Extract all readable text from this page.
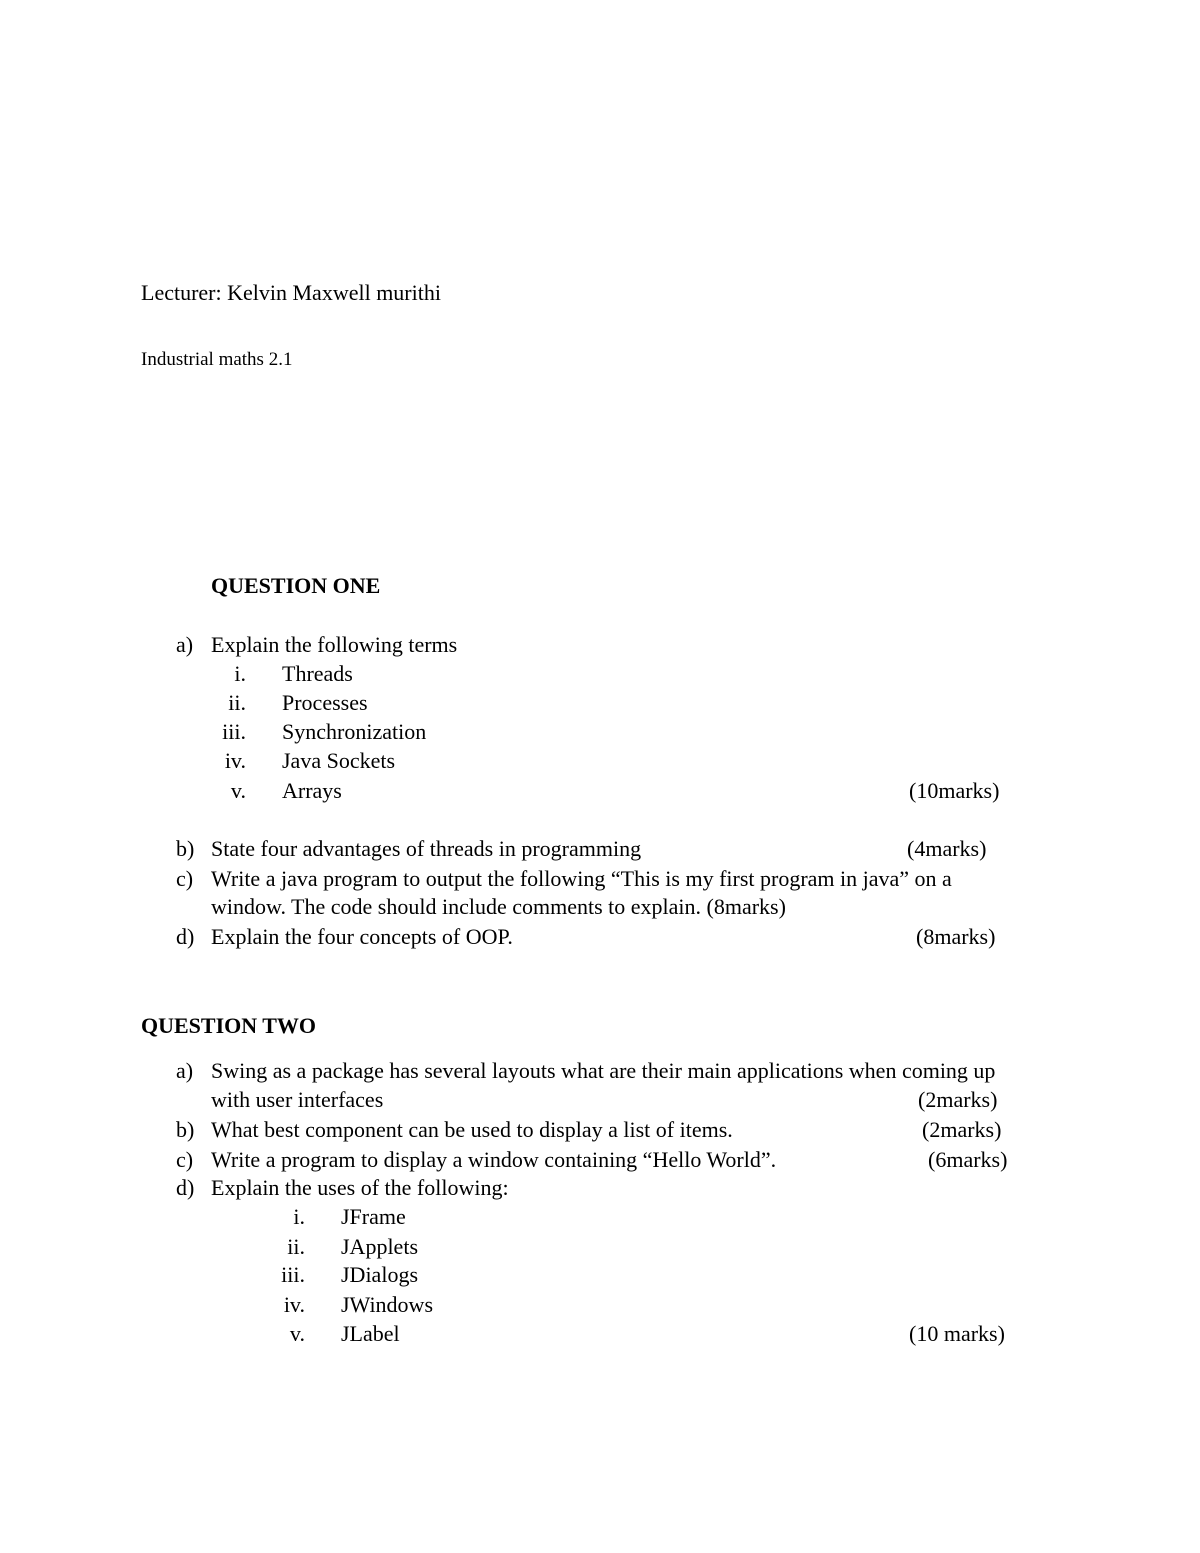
Lecturer: Kelvin Maxwell murithi
Industrial maths 2.1
QUESTION ONE
a) Explain the following terms
i. Threads
ii. Processes
iii. Synchronization
iv. Java Sockets
v. Arrays	(10marks)
b) State four advantages of threads in programming	(4marks)
c) Write a java program to output the following “This is my first program in java” on a
window. The code should include comments to explain. (8marks)
d) Explain the four concepts of OOP.	(8marks)
QUESTION TWO
a) Swing as a package has several layouts what are their main applications when coming up
with user interfaces	(2marks)
b) What best component can be used to display a list of items.	(2marks)
c) Write a program to display a window containing “Hello World”.	(6marks)
d) Explain the uses of the following:
i. JFrame
ii. JApplets
iii. JDialogs
iv. JWindows
v. JLabel	(10 marks)
